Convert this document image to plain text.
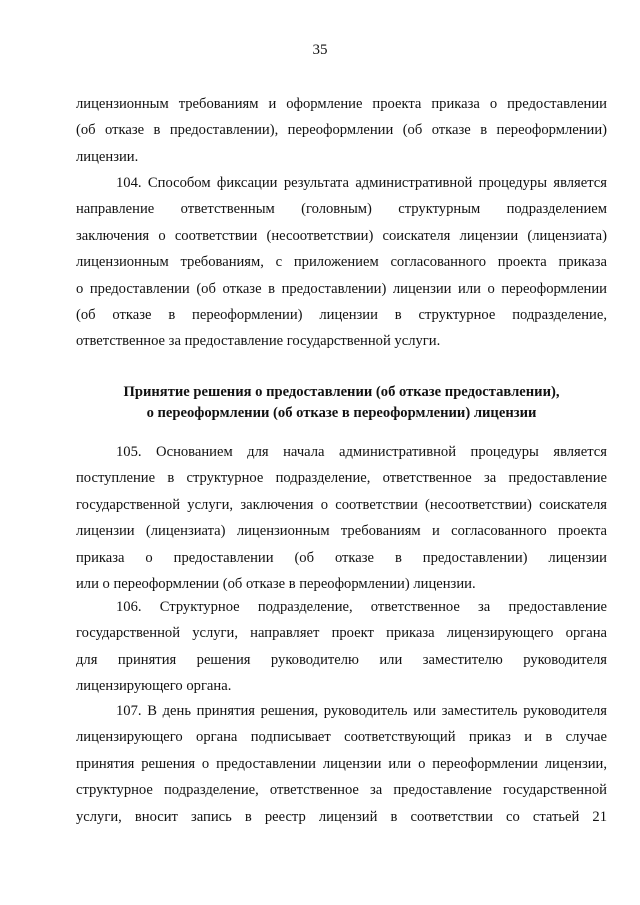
35
лицензионным требованиям и оформление проекта приказа о предоставлении
(об отказе в предоставлении), переоформлении (об отказе в переоформлении)
лицензии.
104. Способом фиксации результата административной процедуры является
направление ответственным (головным) структурным подразделением
заключения о соответствии (несоответствии) соискателя лицензии (лицензиата)
лицензионным требованиям, с приложением согласованного проекта приказа
о предоставлении (об отказе в предоставлении) лицензии или о переоформлении
(об отказе в переоформлении) лицензии в структурное подразделение,
ответственное за предоставление государственной услуги.
Принятие решения о предоставлении (об отказе предоставлении),
о переоформлении (об отказе в переоформлении) лицензии
105. Основанием для начала административной процедуры является
поступление в структурное подразделение, ответственное за предоставление
государственной услуги, заключения о соответствии (несоответствии) соискателя
лицензии (лицензиата) лицензионным требованиям и согласованного проекта
приказа о предоставлении (об отказе в предоставлении) лицензии
или о переоформлении (об отказе в переоформлении) лицензии.
106. Структурное подразделение, ответственное за предоставление
государственной услуги, направляет проект приказа лицензирующего органа
для принятия решения руководителю или заместителю руководителя
лицензирующего органа.
107. В день принятия решения, руководитель или заместитель руководителя
лицензирующего органа подписывает соответствующий приказ и в случае
принятия решения о предоставлении лицензии или о переоформлении лицензии,
структурное подразделение, ответственное за предоставление государственной
услуги, вносит запись в реестр лицензий в соответствии со статьей 21
